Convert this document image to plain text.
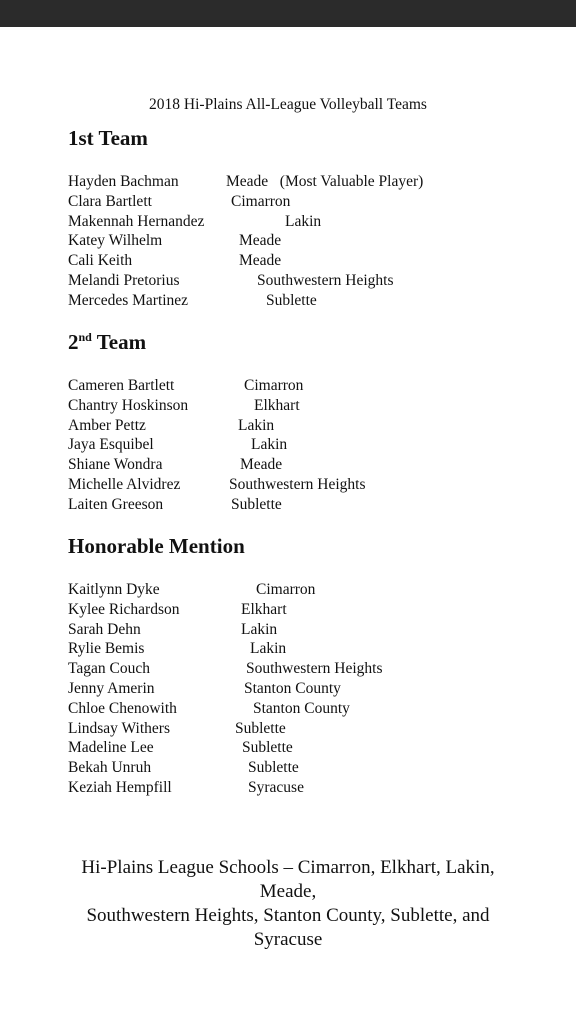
2018 Hi-Plains All-League Volleyball Teams
1st Team
Hayden Bachman	Meade   (Most Valuable Player)
Clara Bartlett	Cimarron
Makennah Hernandez	Lakin
Katey Wilhelm	Meade
Cali Keith	Meade
Melandi Pretorius	Southwestern Heights
Mercedes Martinez	Sublette
2nd Team
Cameren Bartlett	Cimarron
Chantry Hoskinson	Elkhart
Amber Pettz	Lakin
Jaya Esquibel	Lakin
Shiane Wondra	Meade
Michelle Alvidrez	Southwestern Heights
Laiten Greeson	Sublette
Honorable Mention
Kaitlynn Dyke	Cimarron
Kylee Richardson	Elkhart
Sarah Dehn	Lakin
Rylie Bemis	Lakin
Tagan Couch	Southwestern Heights
Jenny Amerin	Stanton County
Chloe Chenowith	Stanton County
Lindsay Withers	Sublette
Madeline Lee	Sublette
Bekah Unruh	Sublette
Keziah Hempfill	Syracuse
Hi-Plains League Schools – Cimarron, Elkhart, Lakin,
Meade,
Southwestern Heights, Stanton County, Sublette, and
Syracuse
